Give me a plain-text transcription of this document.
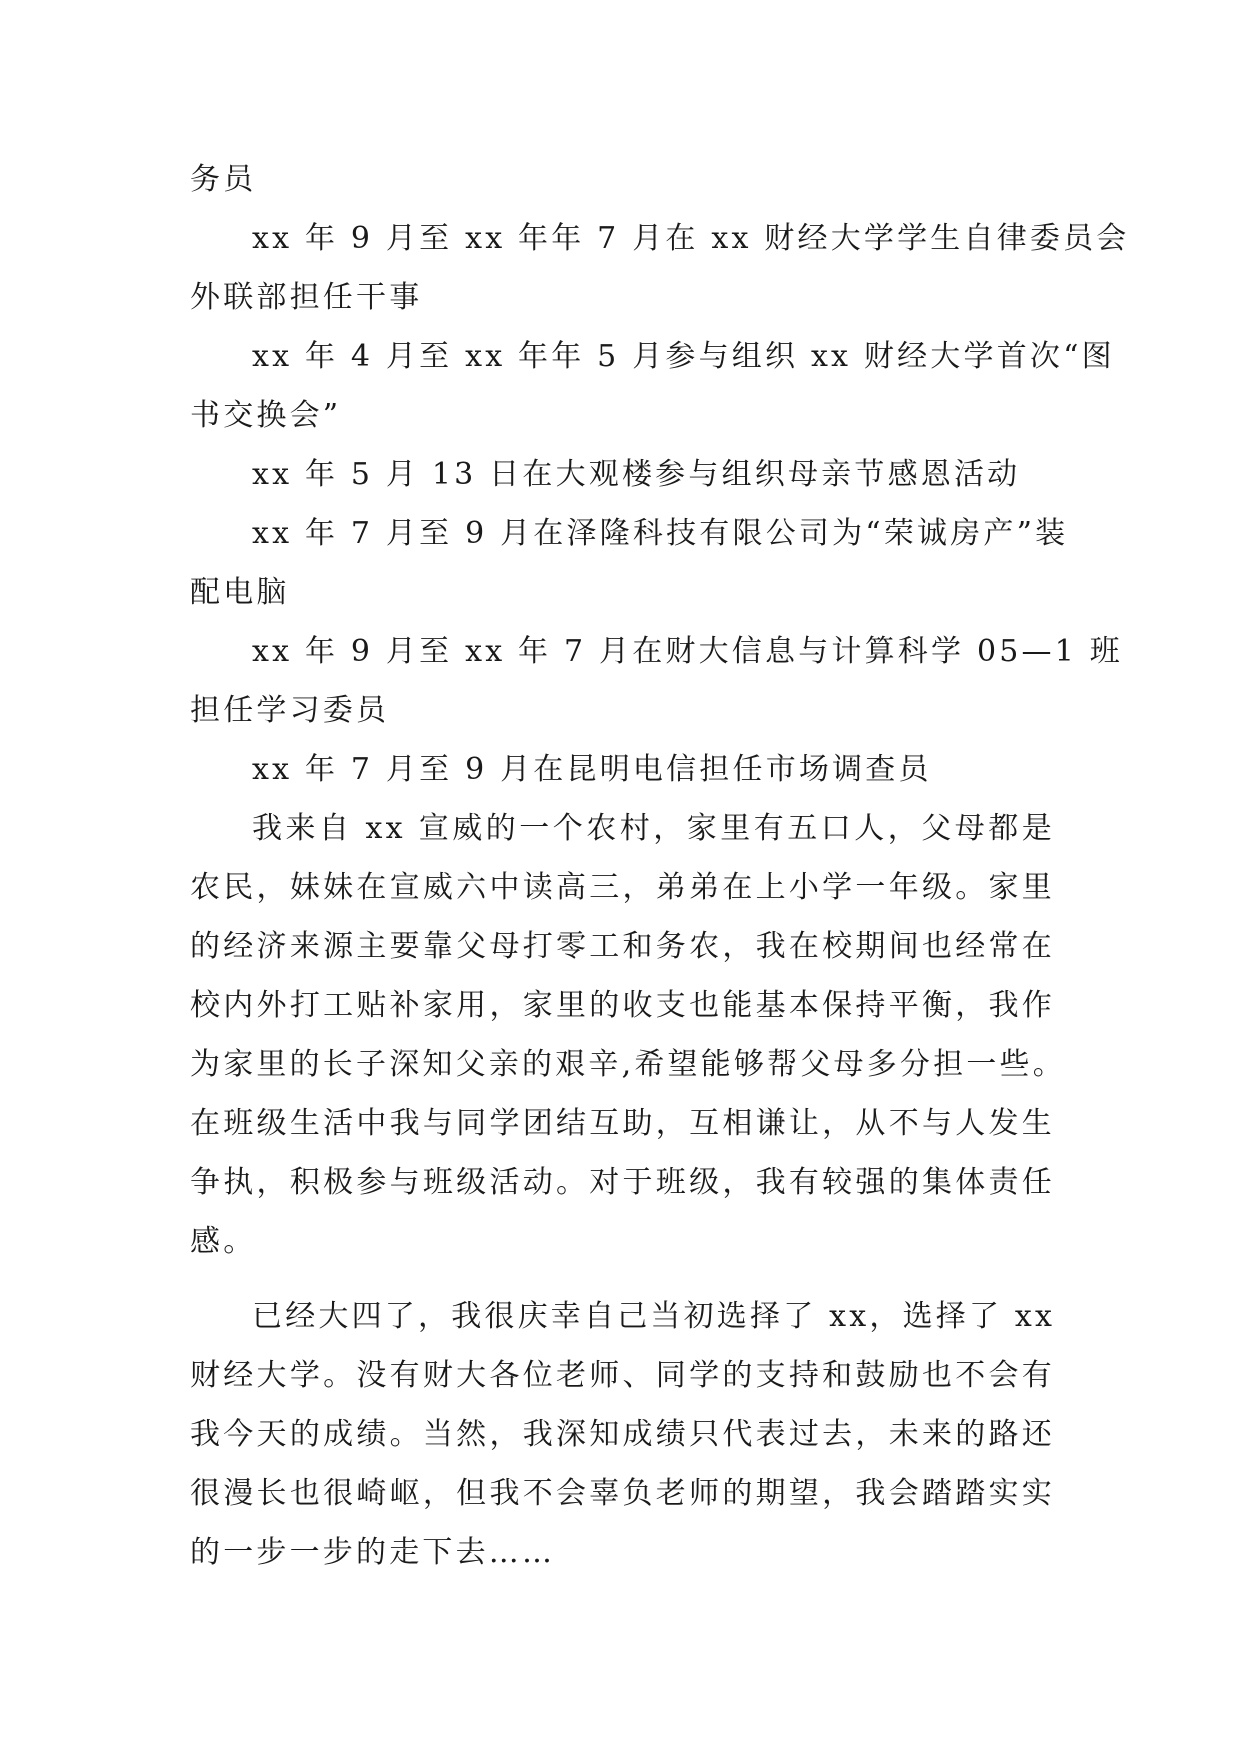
务员
xx 年 9 月至 xx 年年 7 月在 xx 财经大学学生自律委员会
外联部担任干事
xx 年 4 月至 xx 年年 5 月参与组织 xx 财经大学首次“图
书交换会”
xx 年 5 月 13 日在大观楼参与组织母亲节感恩活动
xx 年 7 月至 9 月在泽隆科技有限公司为“荣诚房产”装
配电脑
xx 年 9 月至 xx 年 7 月在财大信息与计算科学 05—1 班
担任学习委员
xx 年 7 月至 9 月在昆明电信担任市场调查员
我来自 xx 宣威的一个农村，家里有五口人，父母都是
农民，妹妹在宣威六中读高三，弟弟在上小学一年级。家里
的经济来源主要靠父母打零工和务农，我在校期间也经常在
校内外打工贴补家用，家里的收支也能基本保持平衡，我作
为家里的长子深知父亲的艰辛,希望能够帮父母多分担一些。
在班级生活中我与同学团结互助，互相谦让，从不与人发生
争执，积极参与班级活动。对于班级，我有较强的集体责任
感。
已经大四了，我很庆幸自己当初选择了 xx，选择了 xx
财经大学。没有财大各位老师、同学的支持和鼓励也不会有
我今天的成绩。当然，我深知成绩只代表过去，未来的路还
很漫长也很崎岖，但我不会辜负老师的期望，我会踏踏实实
的一步一步的走下去……
